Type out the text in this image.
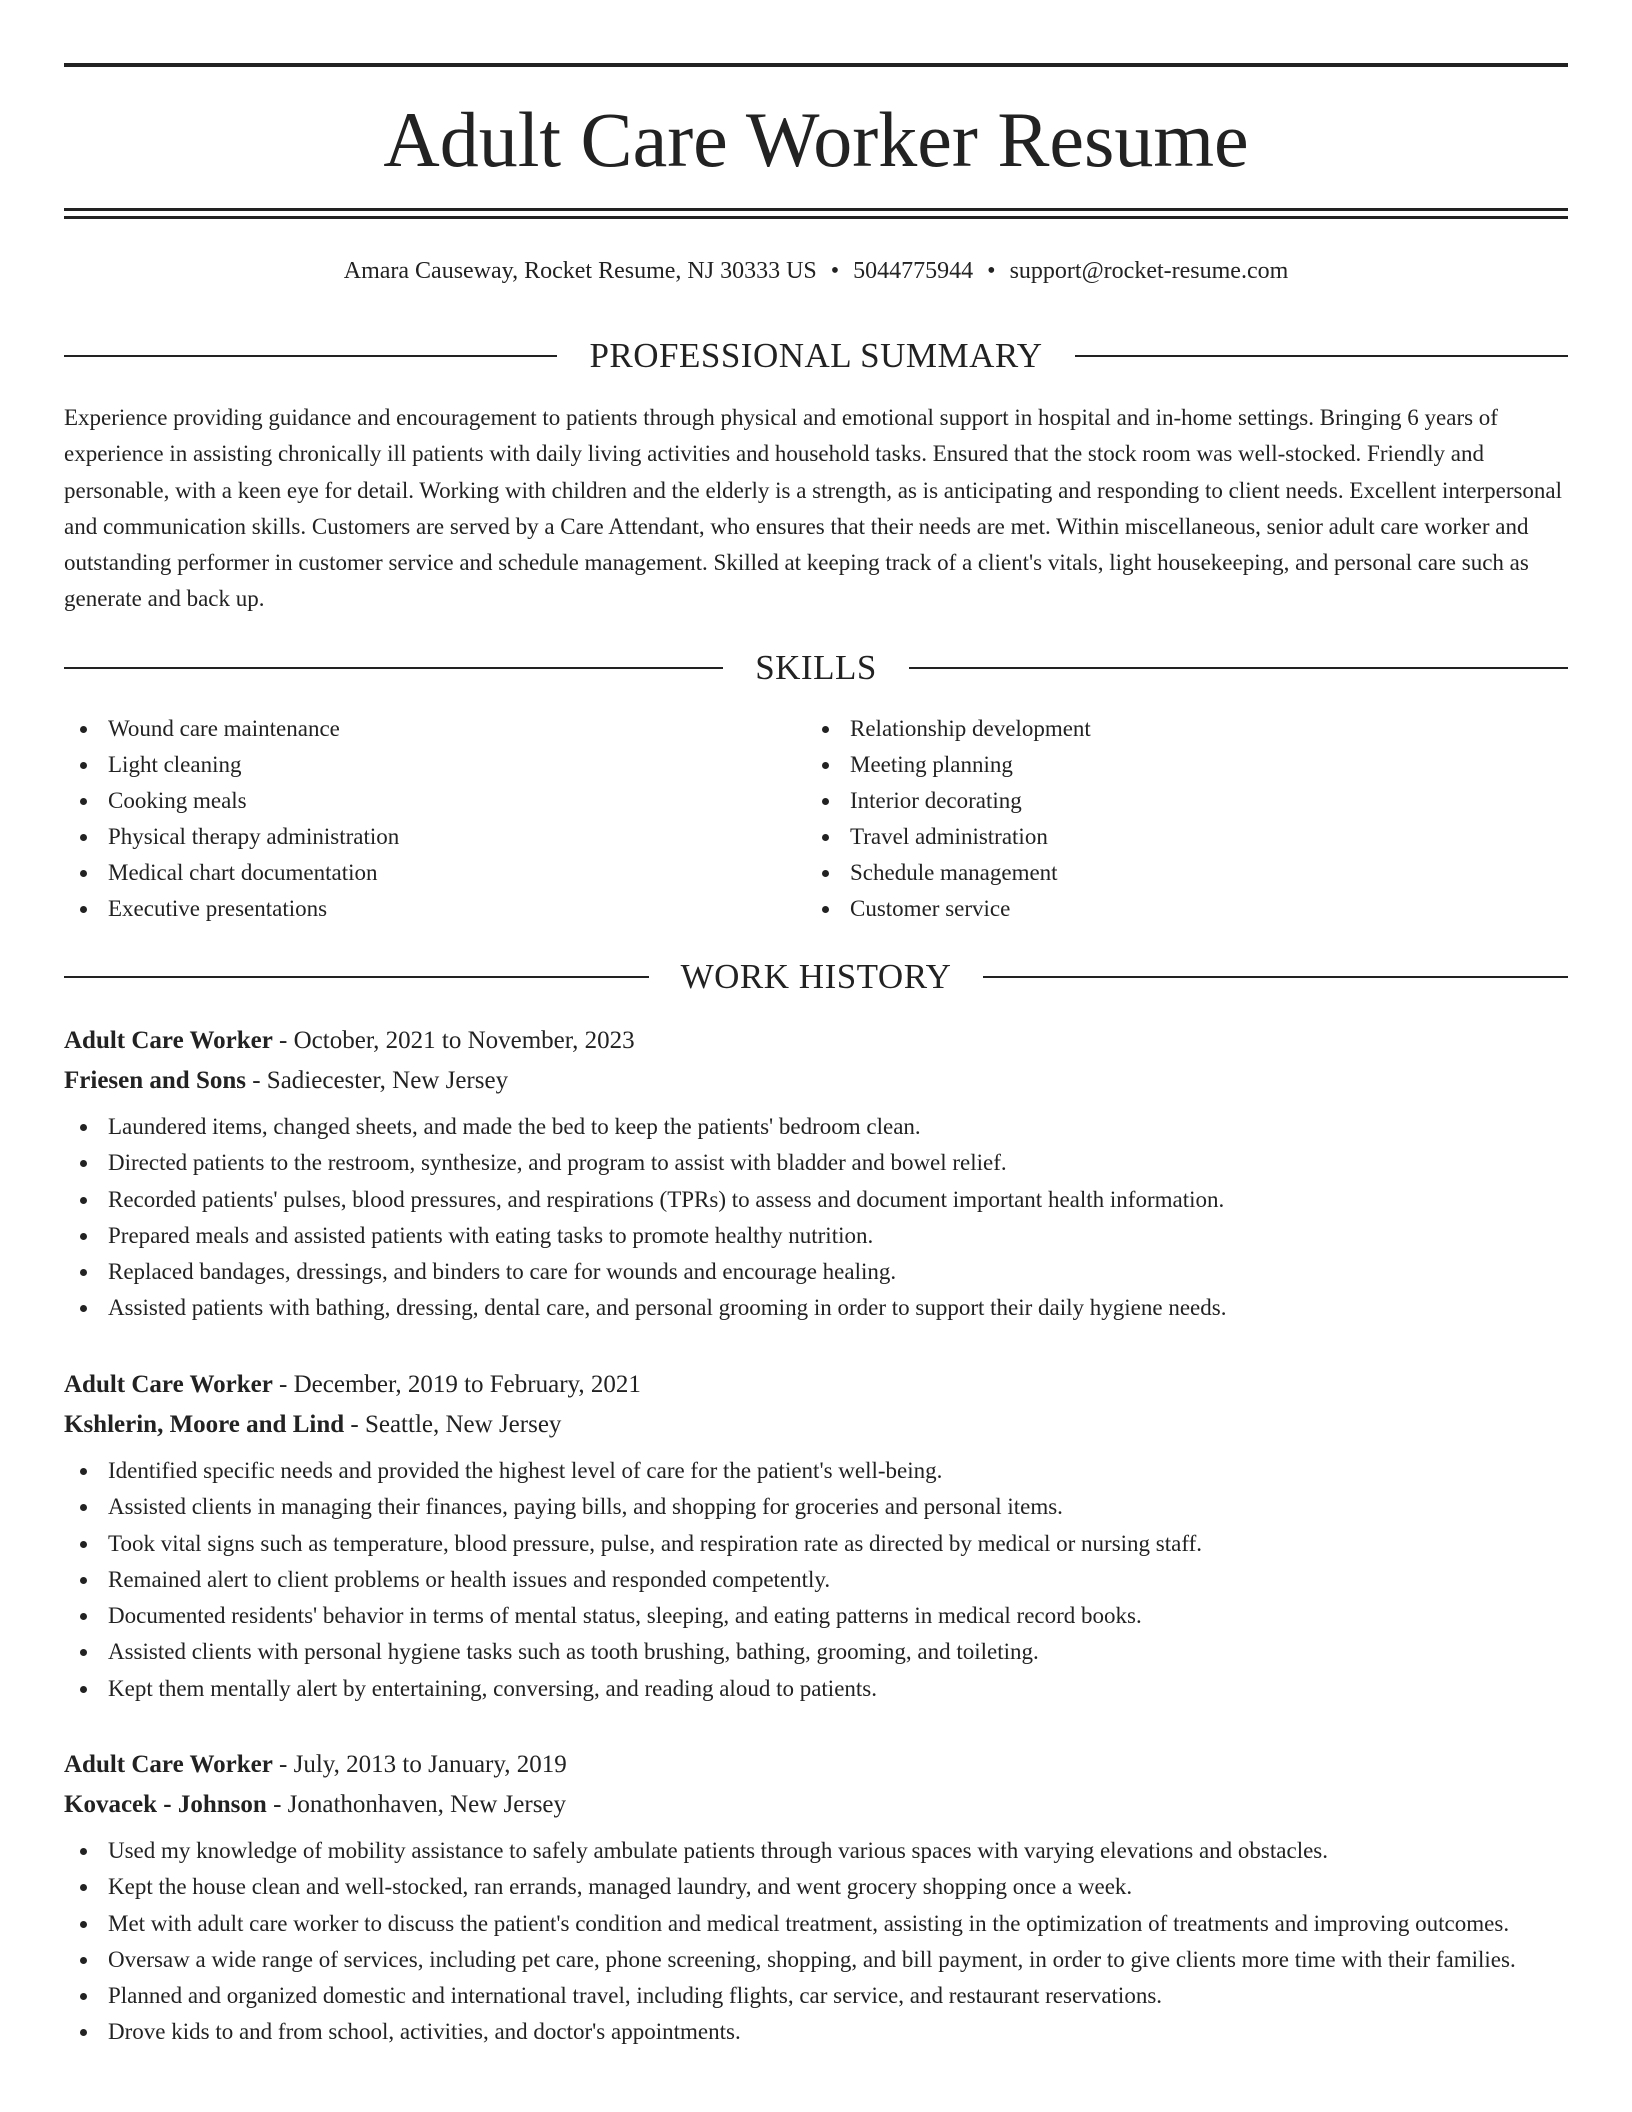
Adult Care Worker Resume
Amara Causeway, Rocket Resume, NJ 30333 US • 5044775944 • support@rocket-resume.com
PROFESSIONAL SUMMARY

Experience providing guidance and encouragement to patients through physical and emotional support in hospital and in-home settings. Bringing 6 years of experience in assisting chronically ill patients with daily living activities and household tasks. Ensured that the stock room was well-stocked. Friendly and personable, with a keen eye for detail. Working with children and the elderly is a strength, as is anticipating and responding to client needs. Excellent interpersonal and communication skills. Customers are served by a Care Attendant, who ensures that their needs are met. Within miscellaneous, senior adult care worker and outstanding performer in customer service and schedule management. Skilled at keeping track of a client's vitals, light housekeeping, and personal care such as generate and back up.

SKILLS
Wound care maintenance
Light cleaning
Cooking meals
Physical therapy administration
Medical chart documentation
Executive presentations
Relationship development
Meeting planning
Interior decorating
Travel administration
Schedule management
Customer service
WORK HISTORY
Adult Care Worker - October, 2021 to November, 2023
Friesen and Sons - Sadiecester, New Jersey
Laundered items, changed sheets, and made the bed to keep the patients' bedroom clean.
Directed patients to the restroom, synthesize, and program to assist with bladder and bowel relief.
Recorded patients' pulses, blood pressures, and respirations (TPRs) to assess and document important health information.
Prepared meals and assisted patients with eating tasks to promote healthy nutrition.
Replaced bandages, dressings, and binders to care for wounds and encourage healing.
Assisted patients with bathing, dressing, dental care, and personal grooming in order to support their daily hygiene needs.
Adult Care Worker - December, 2019 to February, 2021
Kshlerin, Moore and Lind - Seattle, New Jersey
Identified specific needs and provided the highest level of care for the patient's well-being.
Assisted clients in managing their finances, paying bills, and shopping for groceries and personal items.
Took vital signs such as temperature, blood pressure, pulse, and respiration rate as directed by medical or nursing staff.
Remained alert to client problems or health issues and responded competently.
Documented residents' behavior in terms of mental status, sleeping, and eating patterns in medical record books.
Assisted clients with personal hygiene tasks such as tooth brushing, bathing, grooming, and toileting.
Kept them mentally alert by entertaining, conversing, and reading aloud to patients.
Adult Care Worker - July, 2013 to January, 2019
Kovacek - Johnson - Jonathonhaven, New Jersey
Used my knowledge of mobility assistance to safely ambulate patients through various spaces with varying elevations and obstacles.
Kept the house clean and well-stocked, ran errands, managed laundry, and went grocery shopping once a week.
Met with adult care worker to discuss the patient's condition and medical treatment, assisting in the optimization of treatments and improving outcomes.
Oversaw a wide range of services, including pet care, phone screening, shopping, and bill payment, in order to give clients more time with their families.
Planned and organized domestic and international travel, including flights, car service, and restaurant reservations.
Drove kids to and from school, activities, and doctor's appointments.
